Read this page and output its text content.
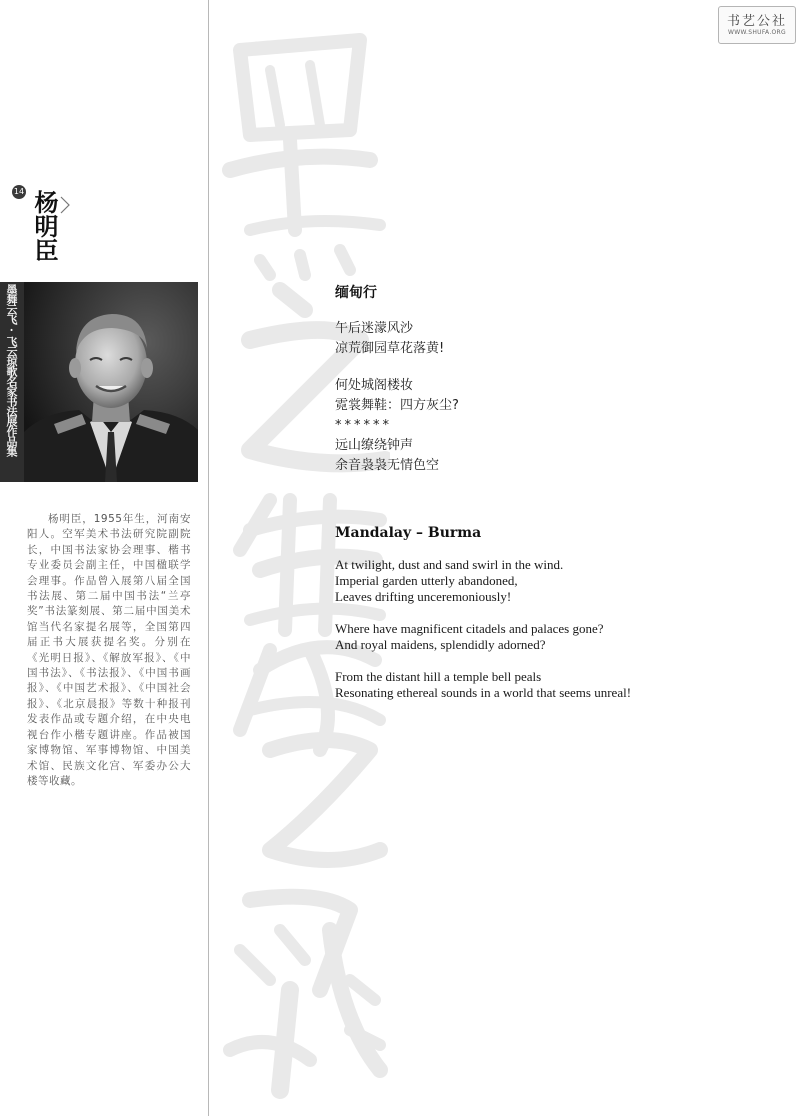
14 杨明臣
墨舞云飞·飞云琼歌名家书法展作品集
杨明臣，1955年生，河南安阳人。空军美术书法研究院副院长，中国书法家协会理事、楷书专业委员会副主任，中国楹联学会理事。作品曾入展第八届全国书法展、第二届中国书法“兰亭奖”书法篆刻展、第二届中国美术馆当代名家提名展等，全国第四届正书大展获提名奖。分别在《光明日报》、《解放军报》、《中国书法》、《书法报》、《中国书画报》、《中国艺术报》、《中国社会报》、《北京晨报》等数十种报刊发表作品或专题介绍，在中央电视台作小楷专题讲座。作品被国家博物馆、军事博物馆、中国美术馆、民族文化宫、军委办公大楼等收藏。
书艺公社
WWW.SHUFA.ORG
缅甸行
午后迷濛风沙
凉荒御园草花落黄!
何处城阁楼妆
霓裳舞鞋：四方灰尘?
******
远山缭绕钟声
余音袅袅无情色空
Mandalay – Burma
At twilight, dust and sand swirl in the wind.
Imperial garden utterly abandoned,
Leaves drifting unceremoniously!
Where have magnificent citadels and palaces gone?
And royal maidens, splendidly adorned?
From the distant hill a temple bell peals
Resonating ethereal sounds in a world that seems unreal!
